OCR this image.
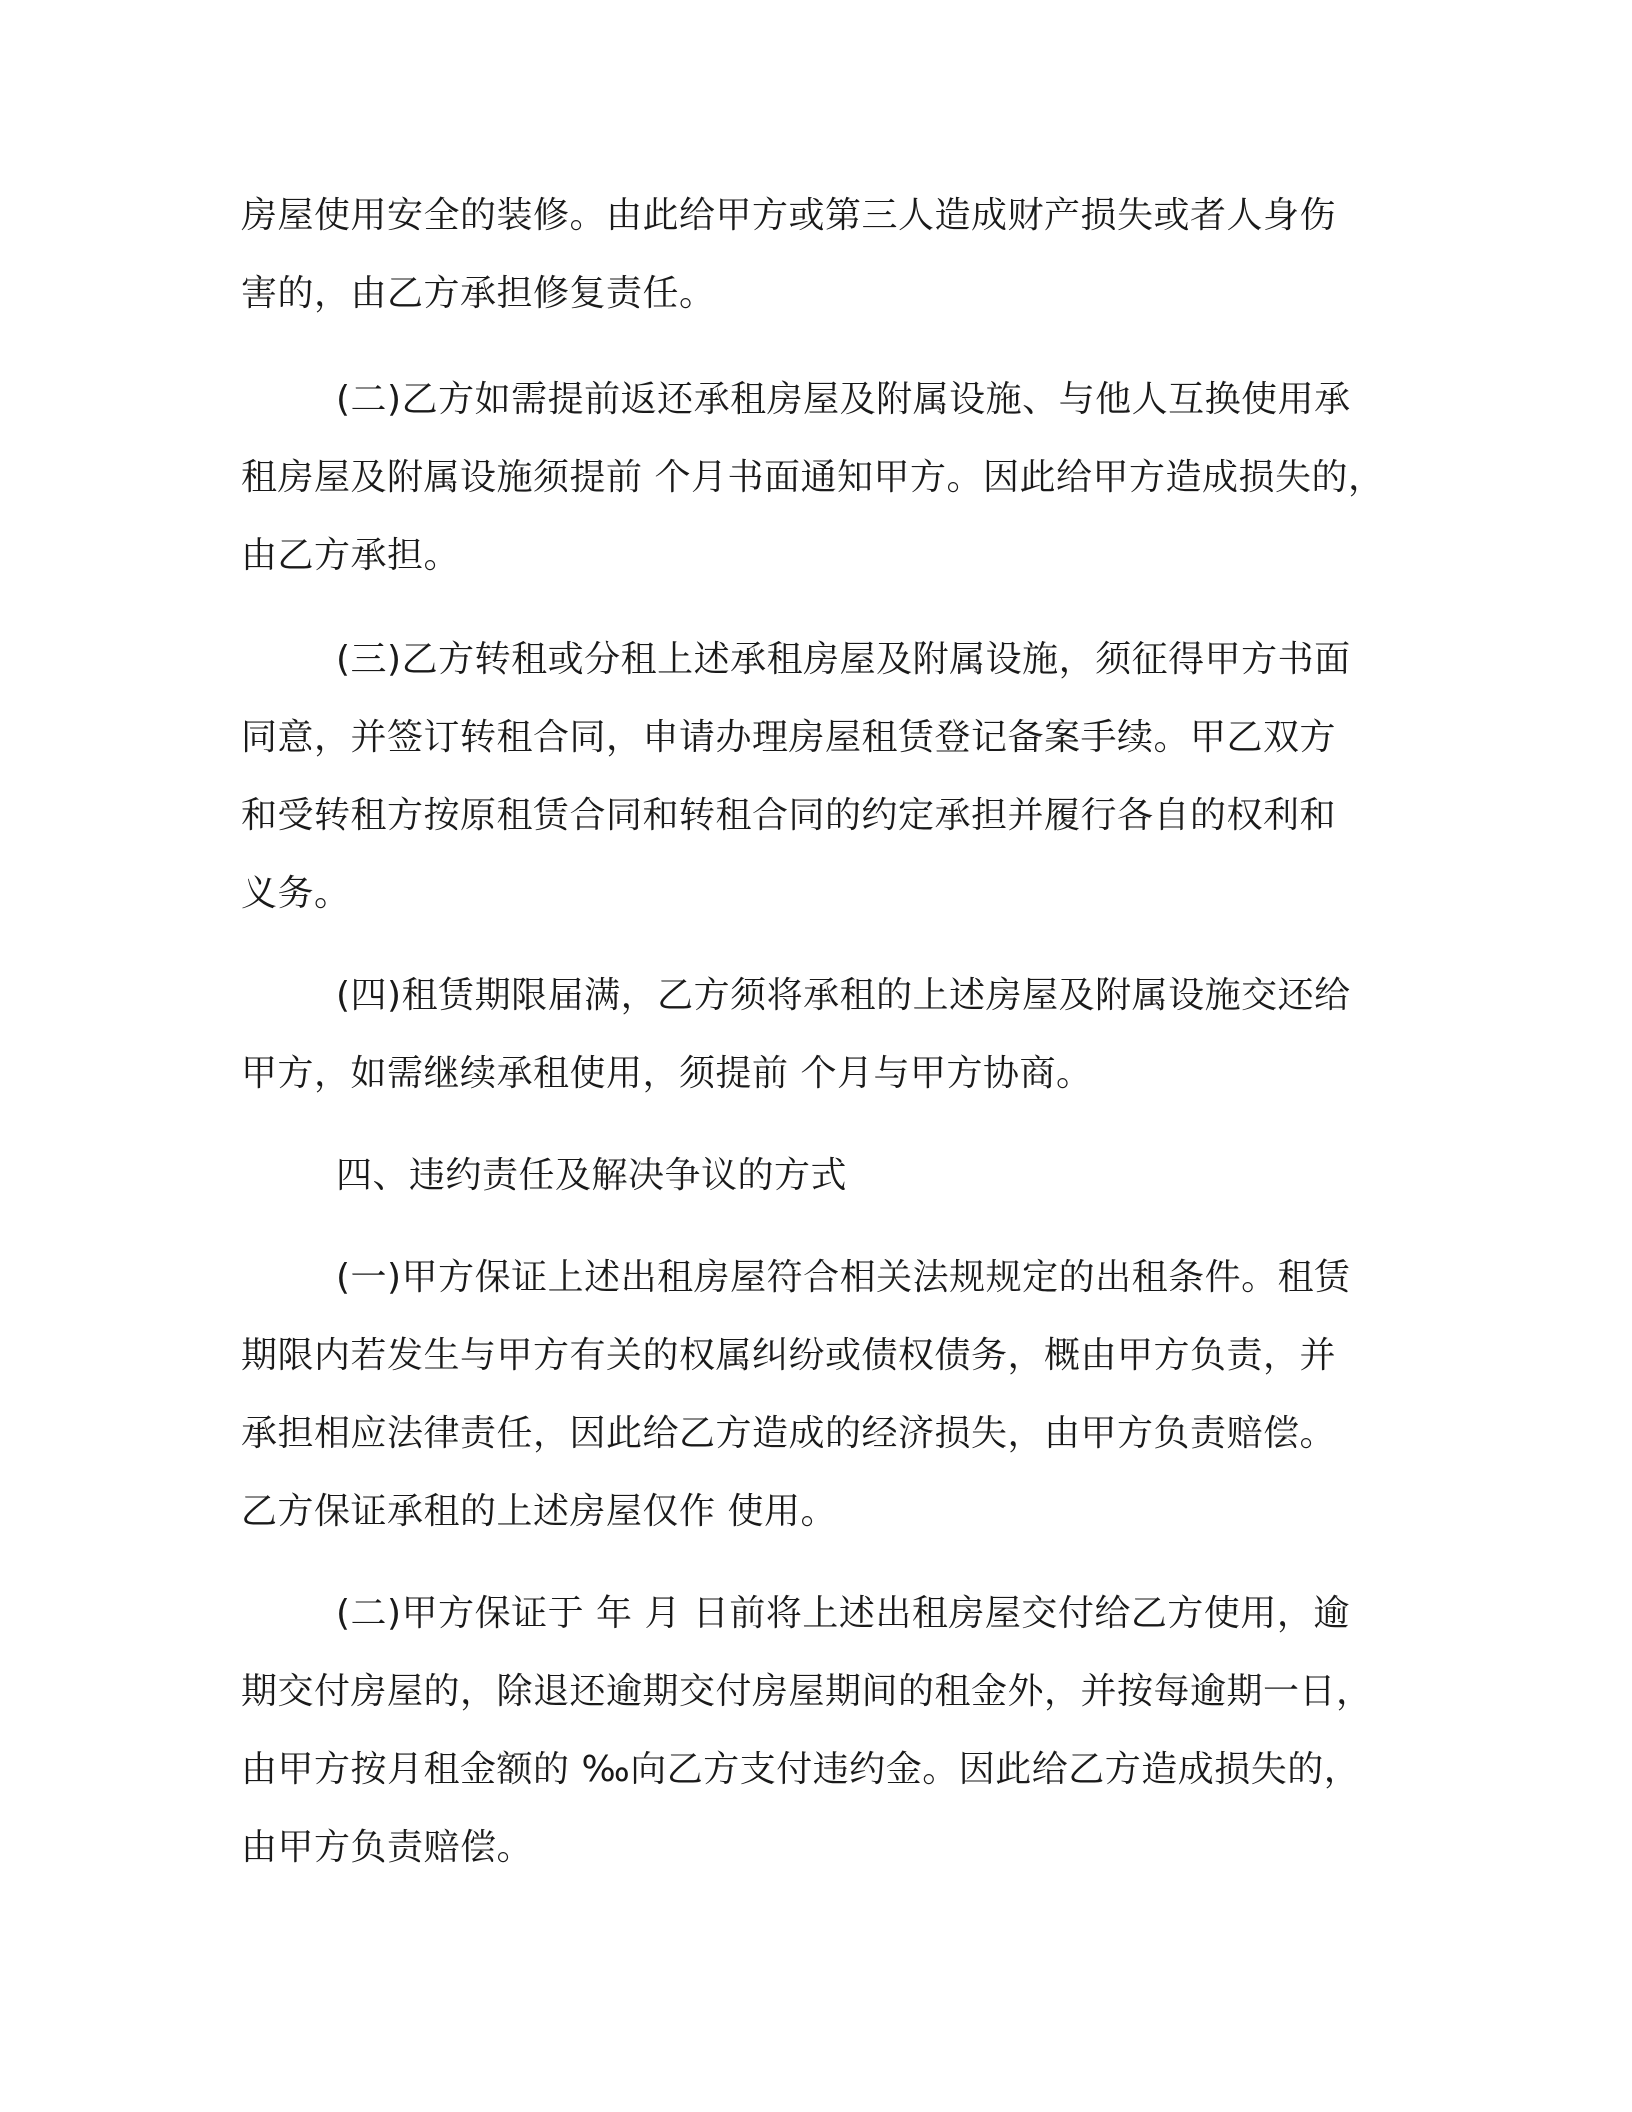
房屋使用安全的装修。由此给甲方或第三人造成财产损失或者人身伤
害的，由乙方承担修复责任。
(二)乙方如需提前返还承租房屋及附属设施、与他人互换使用承
租房屋及附属设施须提前 个月书面通知甲方。因此给甲方造成损失的，
由乙方承担。
(三)乙方转租或分租上述承租房屋及附属设施，须征得甲方书面
同意，并签订转租合同，申请办理房屋租赁登记备案手续。甲乙双方
和受转租方按原租赁合同和转租合同的约定承担并履行各自的权利和
义务。
(四)租赁期限届满，乙方须将承租的上述房屋及附属设施交还给
甲方，如需继续承租使用，须提前 个月与甲方协商。
四、违约责任及解决争议的方式
(一)甲方保证上述出租房屋符合相关法规规定的出租条件。租赁
期限内若发生与甲方有关的权属纠纷或债权债务，概由甲方负责，并
承担相应法律责任，因此给乙方造成的经济损失，由甲方负责赔偿。
乙方保证承租的上述房屋仅作 使用。
(二)甲方保证于 年 月 日前将上述出租房屋交付给乙方使用，逾
期交付房屋的，除退还逾期交付房屋期间的租金外，并按每逾期一日，
由甲方按月租金额的 ‰向乙方支付违约金。因此给乙方造成损失的，
由甲方负责赔偿。
